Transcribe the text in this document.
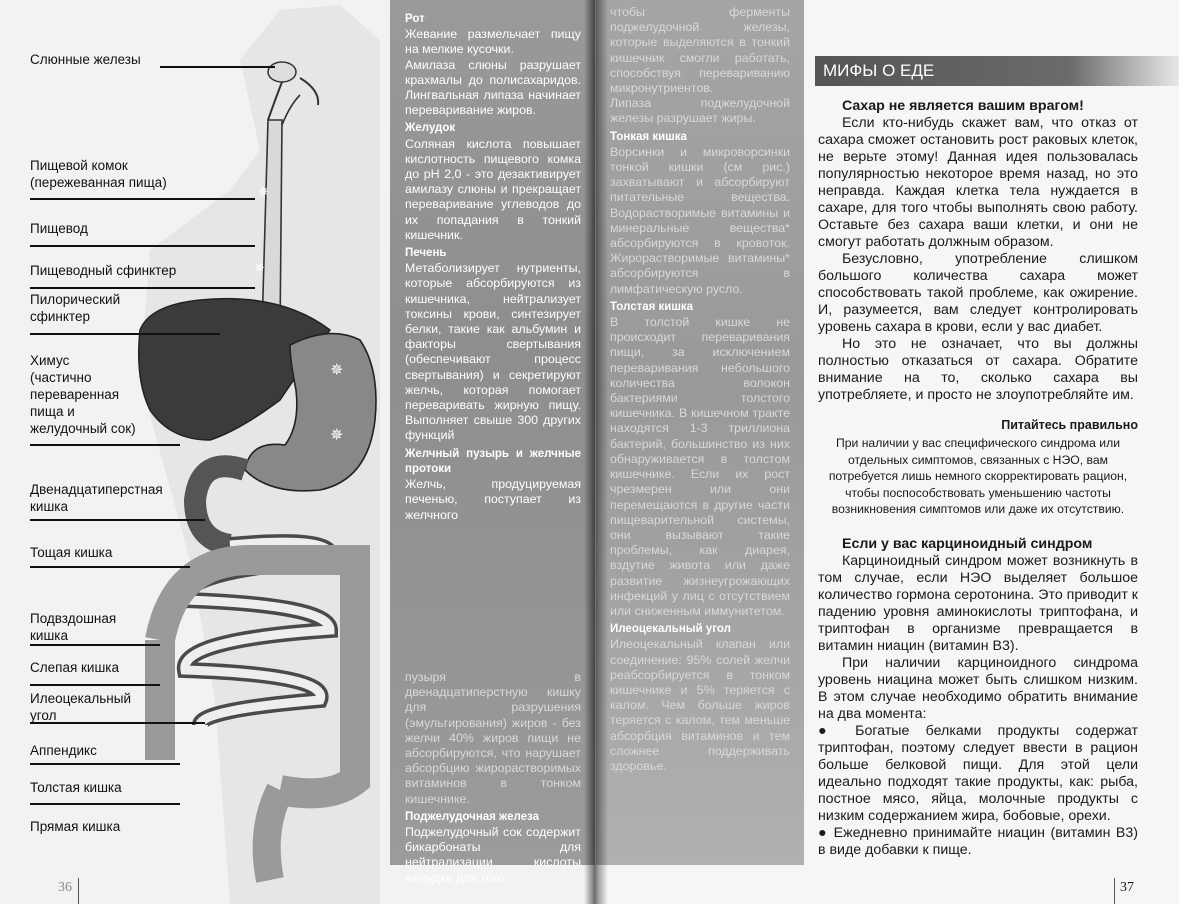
✵
✵
✵
✵
Слюнные железы
Пищевой комок
(пережеванная пища)
Пищевод
Пищеводный сфинктер
Пилорический
сфинктер
Химус
(частично
переваренная
пища и
желудочный сок)
Двенадцатиперстная
кишка
Тощая кишка
Подвздошная
кишка
Слепая кишка
Илеоцекальный
угол
Аппендикс
Толстая кишка
Прямая кишка
Рот

Жевание размельчает пищу на мелкие кусочки.
Амилаза слюны разрушает крахмалы до полисахаридов. Лингвальная липаза начинает переваривание жиров.

Желудок

Соляная кислота повышает кислотность пищевого комка до pH 2,0 - это дезактивирует амилазу слюны и прекращает переваривание углеводов до их попадания в тонкий кишечник.

Печень

Метаболизирует нутриенты, которые абсорбируются из кишечника, нейтрализует токсины крови, синтезирует белки, такие как альбумин и факторы свертывания (обеспечивают процесс свертывания) и секретируют желчь, которая помогает переваривать жирную пищу. Выполняет свыше 300 других функций

Желчный пузырь и желчные протоки

Желчь, продуцируемая печенью, поступает из желчного

пузыря в двенадцатиперстную кишку для разрушения (эмульгирования) жиров - без желчи 40% жиров пищи не абсорбируются, что нарушает абсорбцию жирорастворимых витаминов в тонком кишечнике.

Поджелудочная железа

Поджелудочный сок содержит бикарбонаты для нейтрализации кислоты желудка для того,

36

чтобы ферменты поджелудочной железы, которые выделяются в тонкий кишечник смогли работать, способствуя перевариванию микронутриентов.
Липаза поджелудочной железы разрушает жиры.

Тонкая кишка

Ворсинки и микроворсинки тонкой кишки (см рис.) захватывают и абсорбируют питательные вещества. Водорастворимые витамины и минеральные вещества* абсорбируются в кровоток. Жирорастворимые витамины* абсорбируются в лимфатическую русло.

Толстая кишка

В толстой кишке не происходит переваривания пищи, за исключением переваривания небольшого количества волокон бактериями толстого кишечника. В кишечном тракте находятся 1-3 триллиона бактерий, большинство из них обнаруживается в толстом кишечнике. Если их рост чрезмерен или они перемещаются в другие части пищеварительной системы, они вызывают такие проблемы, как диарея, вздутие живота или даже развитие жизнеугрожающих инфекций у лиц с отсутствием или сниженным иммунитетом.

Илеоцекальный угол

Илеоцекальный клапан или соединение: 95% солей желчи реабсорбируется в тонком кишечнике и 5% теряется с калом. Чем больше жиров теряется с калом, тем меньше абсорбция витаминов и тем сложнее поддерживать здоровье.

МИФЫ О ЕДЕ

Сахар не является вашим врагом!

Если кто-нибудь скажет вам, что отказ от сахара сможет остановить рост раковых клеток, не верьте этому! Данная идея пользовалась популярностью некоторое время назад, но это неправда. Каждая клетка тела нуждается в сахаре, для того чтобы выполнять свою работу. Оставьте без сахара ваши клетки, и они не смогут работать должным образом.

Безусловно, употребление слишком большого количества сахара может способствовать такой проблеме, как ожирение. И, разумеется, вам следует контролировать уровень сахара в крови, если у вас диабет.

Но это не означает, что вы должны полностью отказаться от сахара. Обратите внимание на то, сколько сахара вы употребляете, и просто не злоупотребляйте им.

Питайтесь правильно
При наличии у вас специфического синдрома или отдельных симптомов, связанных с НЭО, вам потребуется лишь немного скорректировать рацион, чтобы поспособствовать уменьшению частоты возникновения симптомов или даже их отсутствию.

Если у вас карциноидный синдром

Карциноидный синдром может возникнуть в том случае, если НЭО выделяет большое количество гормона серотонина. Это приводит к падению уровня аминокислоты триптофана, и триптофан в организме превращается в витамин ниацин (витамин В3).

При наличии карциноидного синдрома уровень ниацина может быть слишком низким. В этом случае необходимо обратить внимание на два момента:

● Богатые белками продукты содержат триптофан, поэтому следует ввести в рацион больше белковой пищи. Для этой цели идеально подходят такие продукты, как: рыба, постное мясо, яйца, молочные продукты с низким содержанием жира, бобовые, орехи.

● Ежедневно принимайте ниацин (витамин В3) в виде добавки к пище.

37
